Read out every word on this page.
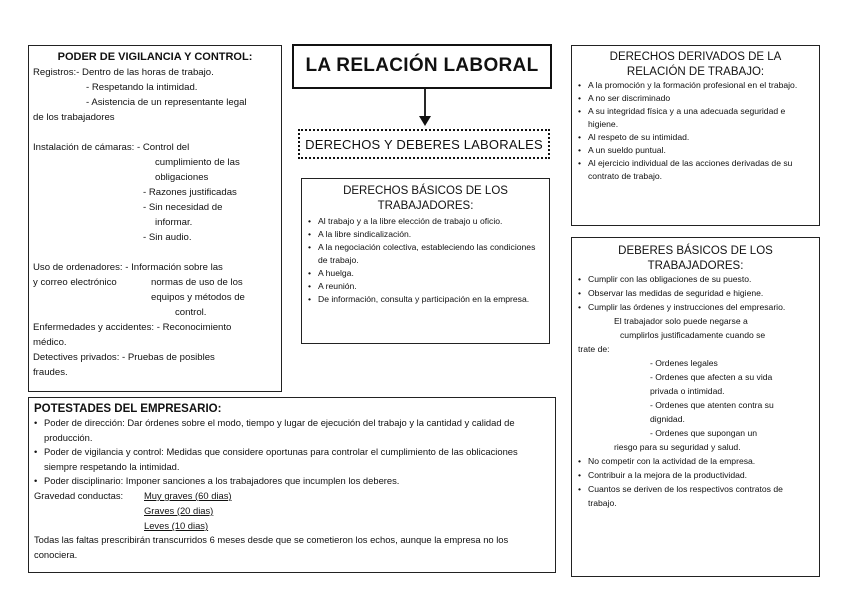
LA RELACIÓN LABORAL
DERECHOS Y DEBERES LABORALES
PODER DE VIGILANCIA Y CONTROL:
Registros:- Dentro de las horas de trabajo.
- Respetando la intimidad.
- Asistencia de un representante legal
de los trabajadores
Instalación de cámaras: - Control del
cumplimiento de las
obligaciones
- Razones justificadas
- Sin necesidad de
informar.
- Sin audio.
Uso de ordenadores: - Información sobre las
y correo electrónico	normas de uso de los
equipos y métodos de
control.
Enfermedades y accidentes: - Reconocimiento
médico.
Detectives privados: - Pruebas de posibles
fraudes.
DERECHOS BÁSICOS DE LOS
TRABAJADORES:
• Al trabajo y a la libre elección de trabajo u oficio.
• A la libre sindicalización.
• A la negociación colectiva, estableciendo las condiciones de trabajo.
• A huelga.
• A reunión.
• De información, consulta y participación en la empresa.
DERECHOS DERIVADOS DE LA
RELACIÓN DE TRABAJO:
• A la promoción y la formación profesional en el trabajo.
• A no ser discriminado
• A su integridad física y a una adecuada seguridad e higiene.
• Al respeto de su intimidad.
• A un sueldo puntual.
• Al ejercicio individual de las acciones derivadas de su contrato de trabajo.
DEBERES BÁSICOS DE LOS
TRABAJADORES:
• Cumplir con las obligaciones de su puesto.
• Observar las medidas de seguridad e higiene.
• Cumplir las órdenes y instrucciones del empresario.
El trabajador solo puede negarse a
cumplirlos justificadamente cuando se
trate de:
- Ordenes legales
- Ordenes que afecten a su vida
privada o intimidad.
- Ordenes que atenten contra su
dignidad.
- Ordenes que supongan un
riesgo para su seguridad y salud.
• No competir con la actividad de la empresa.
• Contribuir a la mejora de la productividad.
• Cuantos se deriven de los respectivos contratos de trabajo.
POTESTADES DEL EMPRESARIO:
• Poder de dirección: Dar órdenes sobre el modo, tiempo y lugar de ejecución del trabajo y la cantidad y calidad de producción.
• Poder de vigilancia y control: Medidas que considere oportunas para controlar el cumplimiento de las oblicaciones siempre respetando la intimidad.
• Poder disciplinario: Imponer sanciones a los trabajadores que incumplen los deberes.
Gravedad conductas: Muy graves (60 dias)
Graves (20 dias)
Leves (10 dias)
Todas las faltas prescribirán transcurridos 6 meses desde que se cometieron los echos, aunque la empresa no los conociera.
